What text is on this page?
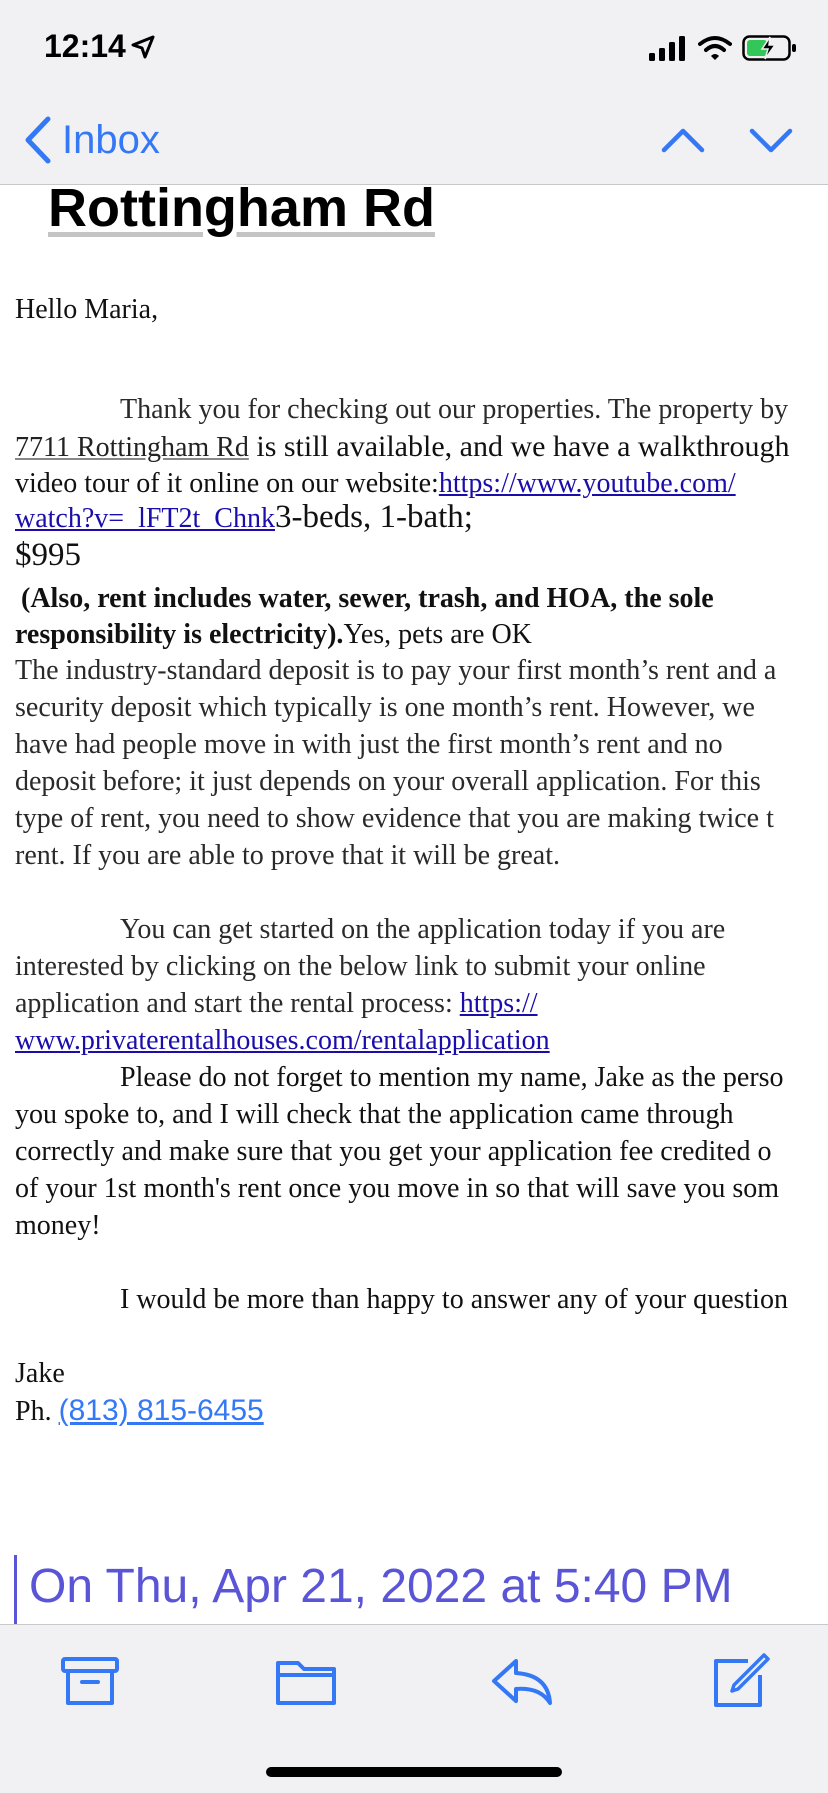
12:14
Inbox
Rottingham Rd

Hello Maria,

Thank you for checking out our properties. The property by

7711 Rottingham Rd is still available, and we have a walkthrough

video tour of it online on our website:https://www.youtube.com/

watch?v=_lFT2t_Chnk3-beds, 1-bath;

$995

(Also, rent includes water, sewer, trash, and HOA, the sole

responsibility is electricity).Yes, pets are OK

The industry-standard deposit is to pay your first month’s rent and a

security deposit which typically is one month’s rent. However, we

have had people move in with just the first month’s rent and no

deposit before; it just depends on your overall application. For this

type of rent, you need to show evidence that you are making twice t

rent. If you are able to prove that it will be great.

You can get started on the application today if you are

interested by clicking on the below link to submit your online

application and start the rental process: https://

www.privaterentalhouses.com/rentalapplication

Please do not forget to mention my name, Jake as the perso

you spoke to, and I will check that the application came through

correctly and make sure that you get your application fee credited o

of your 1st month's rent once you move in so that will save you som

money!

I would be more than happy to answer any of your question

Jake

Ph. (813) 815-6455

On Thu, Apr 21, 2022 at 5:40 PM
